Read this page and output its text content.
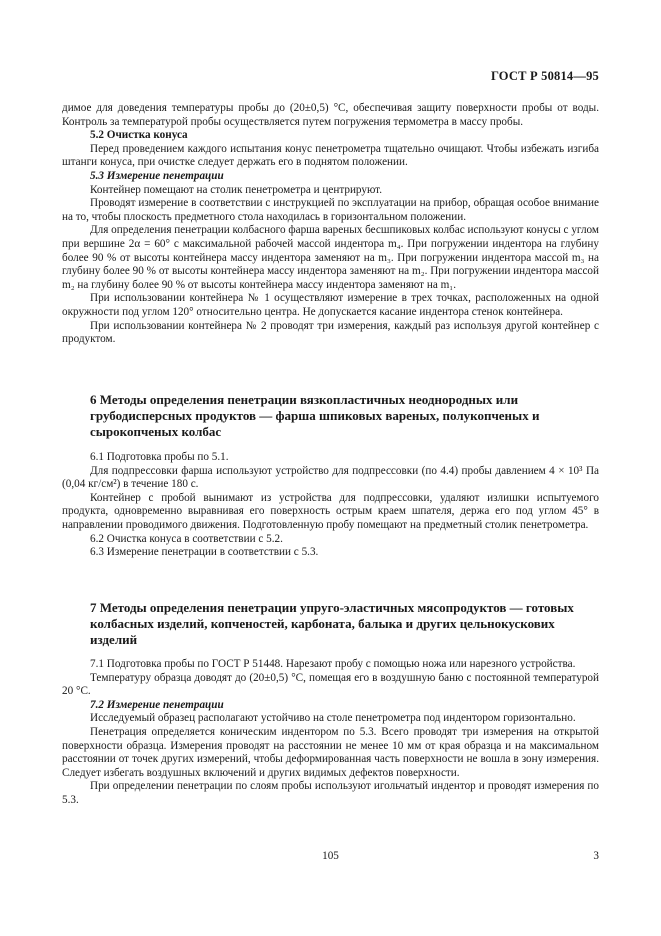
ГОСТ Р 50814—95

димое для доведения температуры пробы до (20±0,5) °С, обеспечивая защиту поверхности пробы от воды. Контроль за температурой пробы осуществляется путем погружения термометра в массу пробы.

5.2 Очистка конуса

Перед проведением каждого испытания конус пенетрометра тщательно очищают. Чтобы избежать изгиба штанги конуса, при очистке следует держать его в поднятом положении.

5.3 Измерение пенетрации

Контейнер помещают на столик пенетрометра и центрируют.

Проводят измерение в соответствии с инструкцией по эксплуатации на прибор, обращая особое внимание на то, чтобы плоскость предметного стола находилась в горизонтальном положении.

Для определения пенетрации колбасного фарша вареных бесшпиковых колбас используют конусы с углом при вершине 2α = 60° с максимальной рабочей массой индентора m₄. При погружении индентора на глубину более 90 % от высоты контейнера массу индентора заменяют на m₃. При погружении индентора массой m₃ на глубину более 90 % от высоты контейнера массу индентора заменяют на m₂. При погружении индентора массой m₂ на глубину более 90 % от высоты контейнера массу индентора заменяют на m₁.

При использовании контейнера № 1 осуществляют измерение в трех точках, расположенных на одной окружности под углом 120° относительно центра. Не допускается касание индентора стенок контейнера.

При использовании контейнера № 2 проводят три измерения, каждый раз используя другой контейнер с продуктом.

6 Методы определения пенетрации вязкопластичных неоднородных или грубодисперсных продуктов — фарша шпиковых вареных, полукопченых и сырокопченых колбас

6.1 Подготовка пробы по 5.1.

Для подпрессовки фарша используют устройство для подпрессовки (по 4.4) пробы давлением 4 × 10³ Па (0,04 кг/см²) в течение 180 с.

Контейнер с пробой вынимают из устройства для подпрессовки, удаляют излишки испытуемого продукта, одновременно выравнивая его поверхность острым краем шпателя, держа его под углом 45° в направлении проводимого движения. Подготовленную пробу помещают на предметный столик пенетрометра.

6.2 Очистка конуса в соответствии с 5.2.

6.3 Измерение пенетрации в соответствии с 5.3.

7 Методы определения пенетрации упруго-эластичных мясопродуктов — готовых колбасных изделий, копченостей, карбоната, балыка и других цельнокускових изделий

7.1 Подготовка пробы по ГОСТ Р 51448. Нарезают пробу с помощью ножа или нарезного устройства.

Температуру образца доводят до (20±0,5) °С, помещая его в воздушную баню с постоянной температурой 20 °С.

7.2 Измерение пенетрации

Исследуемый образец располагают устойчиво на столе пенетрометра под индентором горизонтально.

Пенетрация определяется коническим индентором по 5.3. Всего проводят три измерения на открытой поверхности образца. Измерения проводят на расстоянии не менее 10 мм от края образца и на максимальном расстоянии от точек других измерений, чтобы деформированная часть поверхности не вошла в зону измерения. Следует избегать воздушных включений и других видимых дефектов поверхности.

При определении пенетрации по слоям пробы используют игольчатый индентор и проводят измерения по 5.3.

105	3
